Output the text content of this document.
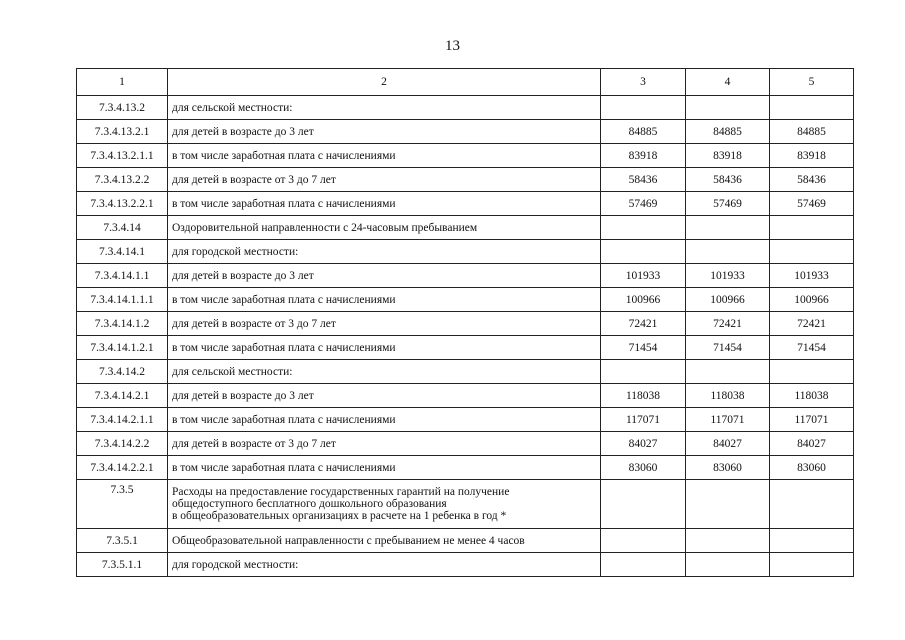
13
1	2	3	4	5
7.3.4.13.2	для сельской местности:			
7.3.4.13.2.1	для детей в возрасте до 3 лет	84885	84885	84885
7.3.4.13.2.1.1	в том числе заработная плата с начислениями	83918	83918	83918
7.3.4.13.2.2	для детей в возрасте от 3 до 7 лет	58436	58436	58436
7.3.4.13.2.2.1	в том числе заработная плата с начислениями	57469	57469	57469
7.3.4.14	Оздоровительной направленности с 24-часовым пребыванием			
7.3.4.14.1	для городской местности:			
7.3.4.14.1.1	для детей в возрасте до 3 лет	101933	101933	101933
7.3.4.14.1.1.1	в том числе заработная плата с начислениями	100966	100966	100966
7.3.4.14.1.2	для детей в возрасте от 3 до 7 лет	72421	72421	72421
7.3.4.14.1.2.1	в том числе заработная плата с начислениями	71454	71454	71454
7.3.4.14.2	для сельской местности:			
7.3.4.14.2.1	для детей в возрасте до 3 лет	118038	118038	118038
7.3.4.14.2.1.1	в том числе заработная плата с начислениями	117071	117071	117071
7.3.4.14.2.2	для детей в возрасте от 3 до 7 лет	84027	84027	84027
7.3.4.14.2.2.1	в том числе заработная плата с начислениями	83060	83060	83060
7.3.5	Расходы на предоставление государственных гарантий на получение
общедоступного бесплатного дошкольного образования
в общеобразовательных организациях в расчете на 1 ребенка в год *			

7.3.5.1	Общеобразовательной направленности с пребыванием не менее 4 часов			
7.3.5.1.1	для городской местности:			
